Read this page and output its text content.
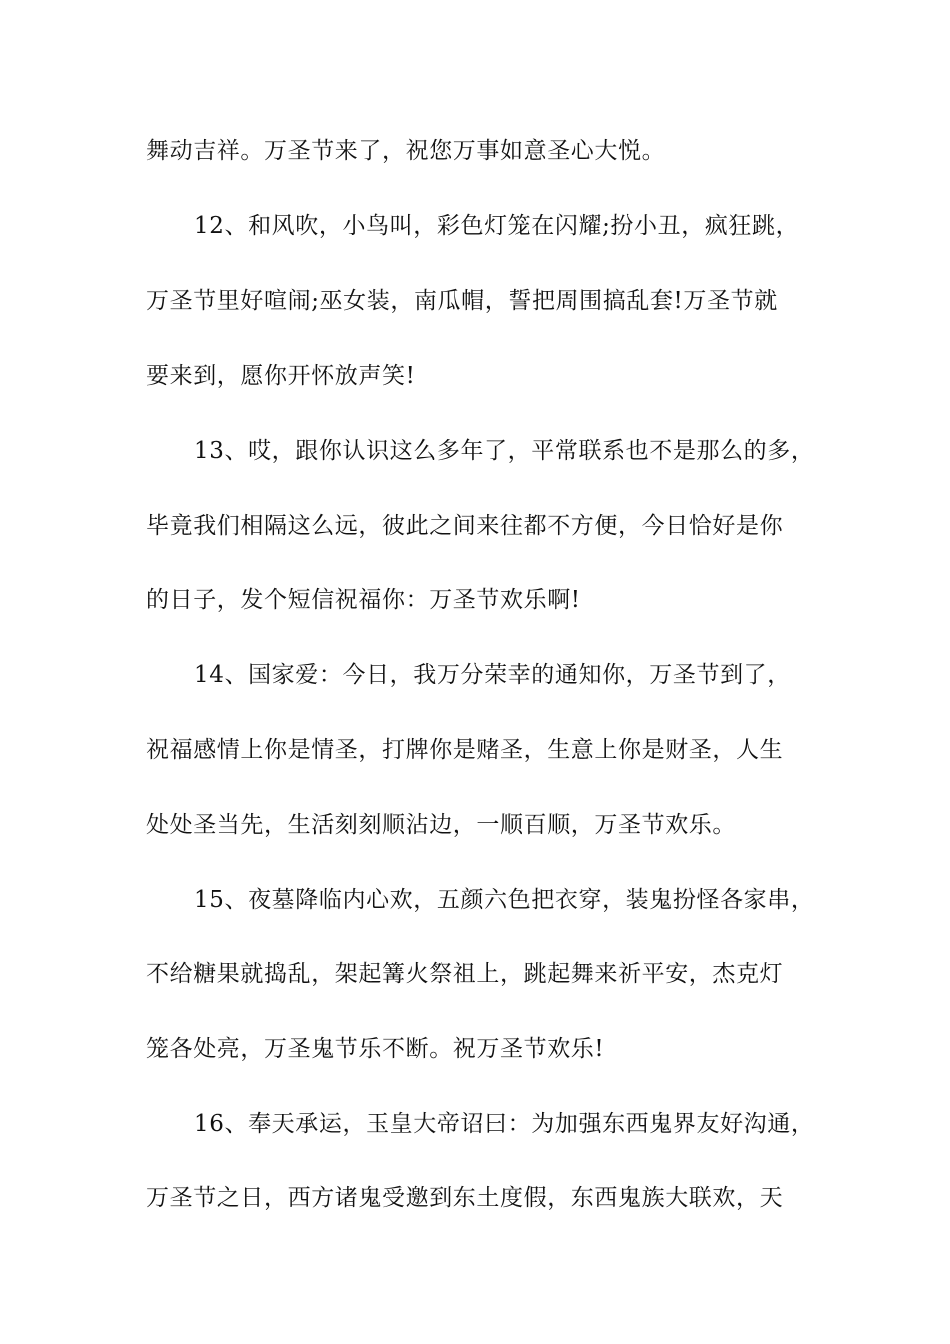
舞动吉祥。万圣节来了，祝您万事如意圣心大悦。
12、和风吹，小鸟叫，彩色灯笼在闪耀;扮小丑，疯狂跳，
万圣节里好喧闹;巫女装，南瓜帽，誓把周围搞乱套!万圣节就
要来到，愿你开怀放声笑!
13、哎，跟你认识这么多年了，平常联系也不是那么的多，
毕竟我们相隔这么远，彼此之间来往都不方便，今日恰好是你
的日子，发个短信祝福你：万圣节欢乐啊!
14、国家爱：今日，我万分荣幸的通知你，万圣节到了，
祝福感情上你是情圣，打牌你是赌圣，生意上你是财圣，人生
处处圣当先，生活刻刻顺沾边，一顺百顺，万圣节欢乐。
15、夜墓降临内心欢，五颜六色把衣穿，装鬼扮怪各家串，
不给糖果就捣乱，架起篝火祭祖上，跳起舞来祈平安，杰克灯
笼各处亮，万圣鬼节乐不断。祝万圣节欢乐!
16、奉天承运，玉皇大帝诏曰：为加强东西鬼界友好沟通，
万圣节之日，西方诸鬼受邀到东土度假，东西鬼族大联欢，天
